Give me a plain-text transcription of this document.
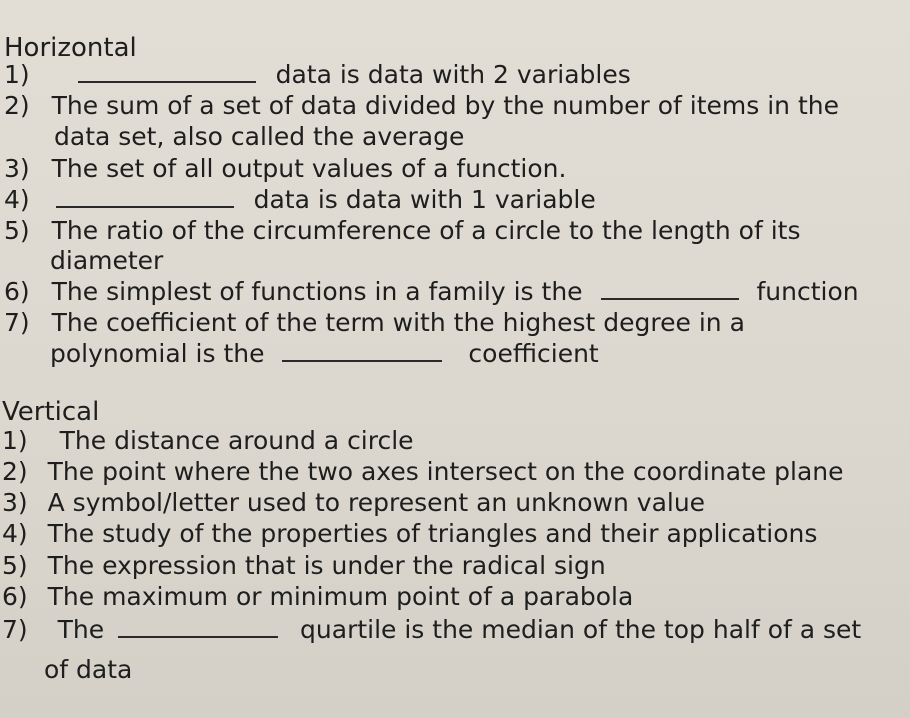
Horizontal
1)	data is data with 2 variables
2) The sum of a set of data divided by the number of items in the
data set, also called the average
3) The set of all output values of a function.
4)	data is data with 1 variable
5) The ratio of the circumference of a circle to the length of its
diameter
6) The simplest of functions in a family is the	function
7) The coefficient of the term with the highest degree in a
polynomial is the	coefficient
Vertical
1) The distance around a circle
2) The point where the two axes intersect on the coordinate plane
3) A symbol/letter used to represent an unknown value
4) The study of the properties of triangles and their applications
5) The expression that is under the radical sign
6) The maximum or minimum point of a parabola
7) The	quartile is the median of the top half of a set
of data
